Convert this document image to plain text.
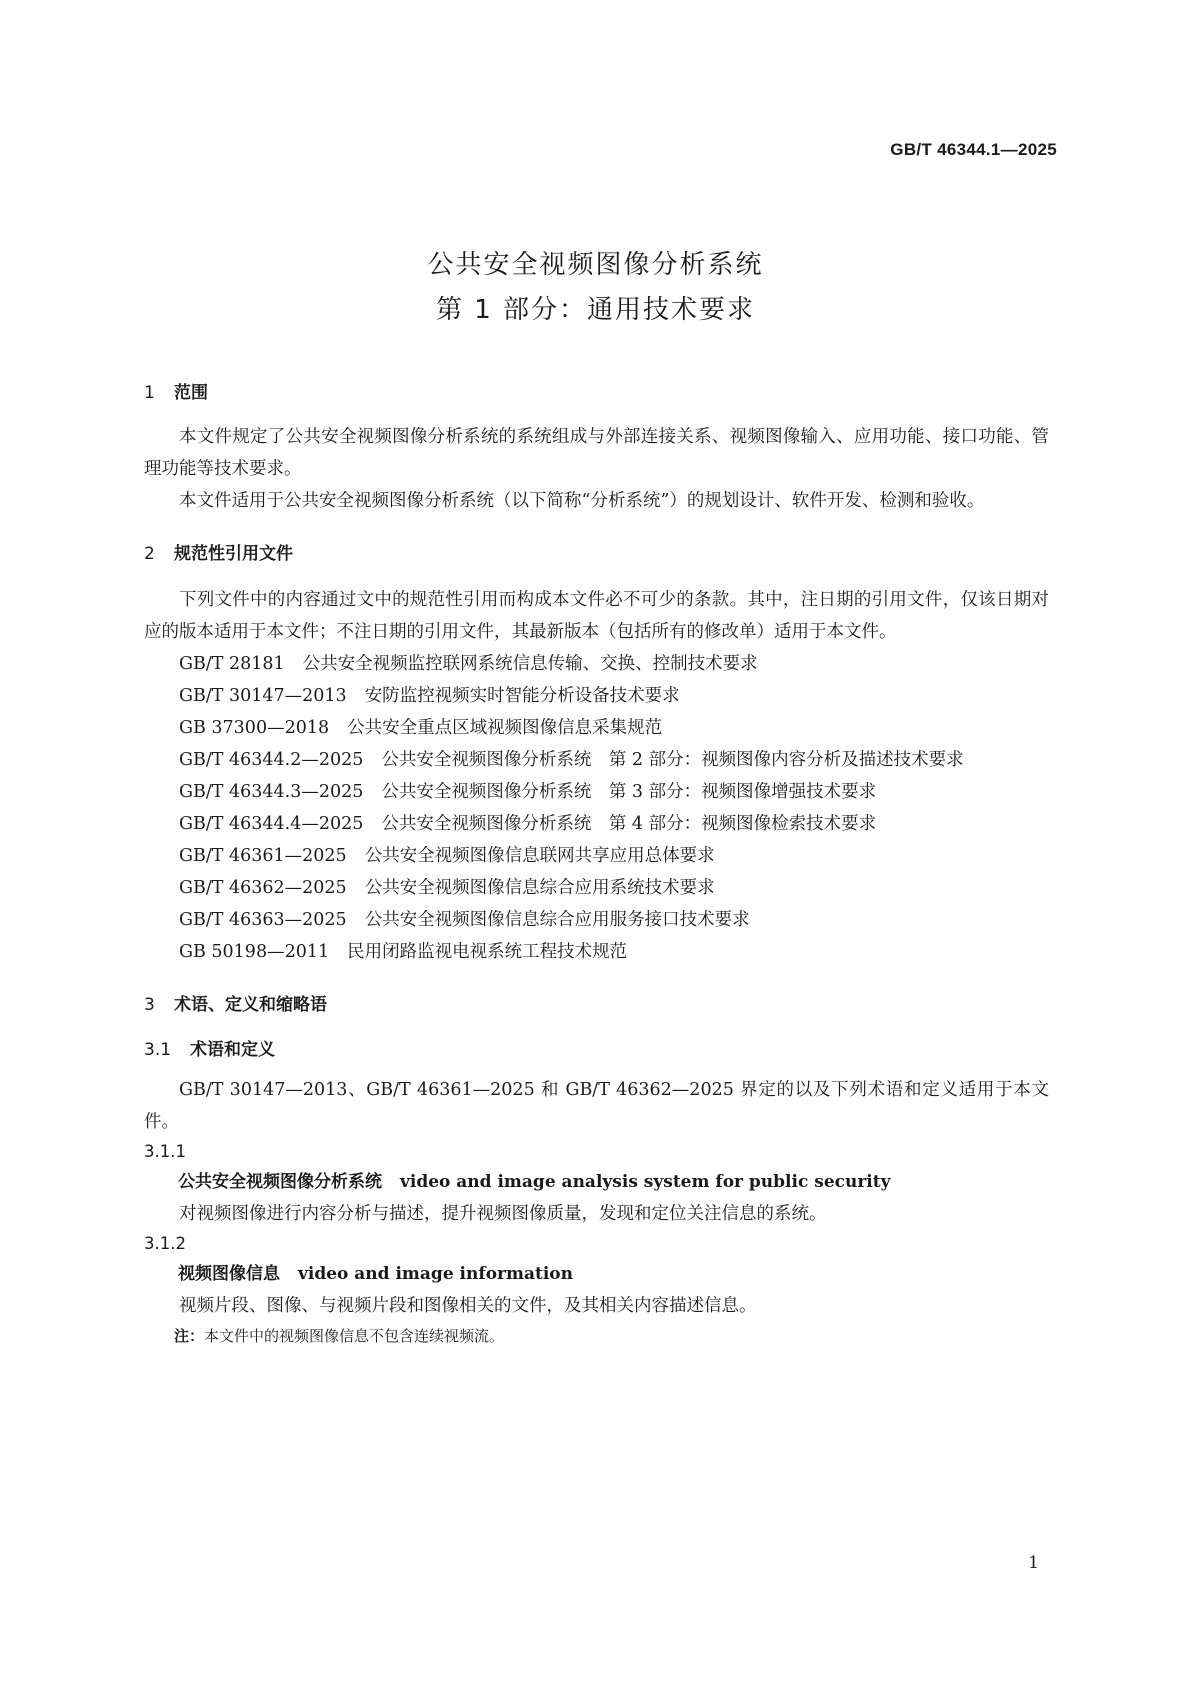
GB/T 46344.1—2025
公共安全视频图像分析系统
第 1 部分：通用技术要求
1 范围

本文件规定了公共安全视频图像分析系统的系统组成与外部连接关系、视频图像输入、应用功能、接口功能、管理功能等技术要求。

本文件适用于公共安全视频图像分析系统（以下简称“分析系统”）的规划设计、软件开发、检测和验收。

2 规范性引用文件

下列文件中的内容通过文中的规范性引用而构成本文件必不可少的条款。其中，注日期的引用文件，仅该日期对应的版本适用于本文件；不注日期的引用文件，其最新版本（包括所有的修改单）适用于本文件。

GB/T 28181 公共安全视频监控联网系统信息传输、交换、控制技术要求

GB/T 30147—2013 安防监控视频实时智能分析设备技术要求

GB 37300—2018 公共安全重点区域视频图像信息采集规范

GB/T 46344.2—2025 公共安全视频图像分析系统　第 2 部分：视频图像内容分析及描述技术要求

GB/T 46344.3—2025 公共安全视频图像分析系统　第 3 部分：视频图像增强技术要求

GB/T 46344.4—2025 公共安全视频图像分析系统　第 4 部分：视频图像检索技术要求

GB/T 46361—2025 公共安全视频图像信息联网共享应用总体要求

GB/T 46362—2025 公共安全视频图像信息综合应用系统技术要求

GB/T 46363—2025 公共安全视频图像信息综合应用服务接口技术要求

GB 50198—2011 民用闭路监视电视系统工程技术规范

3 术语、定义和缩略语
3.1 术语和定义

GB/T 30147—2013、GB/T 46361—2025 和 GB/T 46362—2025 界定的以及下列术语和定义适用于本文件。

3.1.1

公共安全视频图像分析系统 video and image analysis system for public security

对视频图像进行内容分析与描述，提升视频图像质量，发现和定位关注信息的系统。

3.1.2

视频图像信息 video and image information

视频片段、图像、与视频片段和图像相关的文件，及其相关内容描述信息。

注：本文件中的视频图像信息不包含连续视频流。

1
